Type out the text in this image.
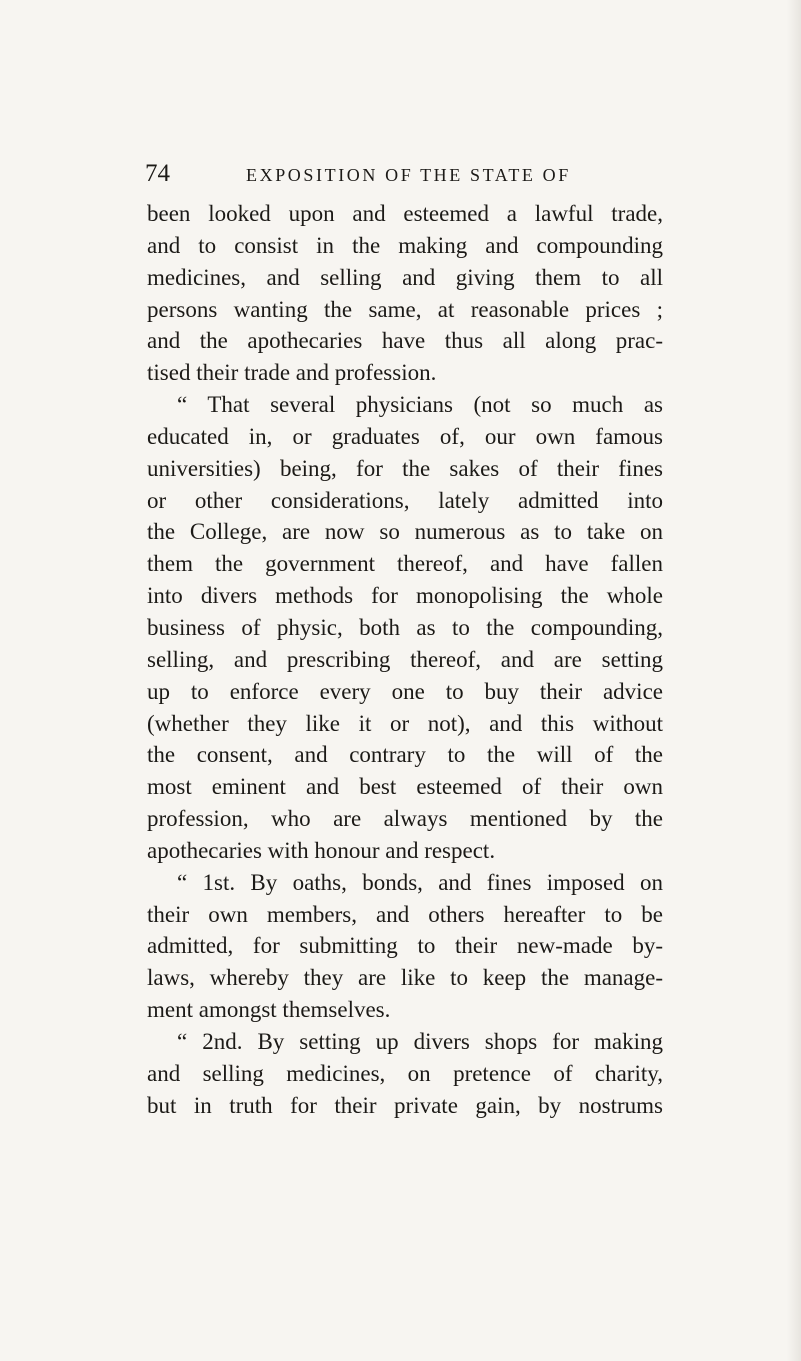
74	EXPOSITION OF THE STATE OF
been looked upon and esteemed a lawful trade,
and to consist in the making and compounding
medicines, and selling and giving them to all
persons wanting the same, at reasonable prices ;
and the apothecaries have thus all along prac-
tised their trade and profession.
“ That several physicians (not so much as
educated in, or graduates of, our own famous
universities) being, for the sakes of their fines
or other considerations, lately admitted into
the College, are now so numerous as to take on
them the government thereof, and have fallen
into divers methods for monopolising the whole
business of physic, both as to the compounding,
selling, and prescribing thereof, and are setting
up to enforce every one to buy their advice
(whether they like it or not), and this without
the consent, and contrary to the will of the
most eminent and best esteemed of their own
profession, who are always mentioned by the
apothecaries with honour and respect.
“ 1st. By oaths, bonds, and fines imposed on
their own members, and others hereafter to be
admitted, for submitting to their new-made by-
laws, whereby they are like to keep the manage-
ment amongst themselves.
“ 2nd. By setting up divers shops for making
and selling medicines, on pretence of charity,
but in truth for their private gain, by nostrums
